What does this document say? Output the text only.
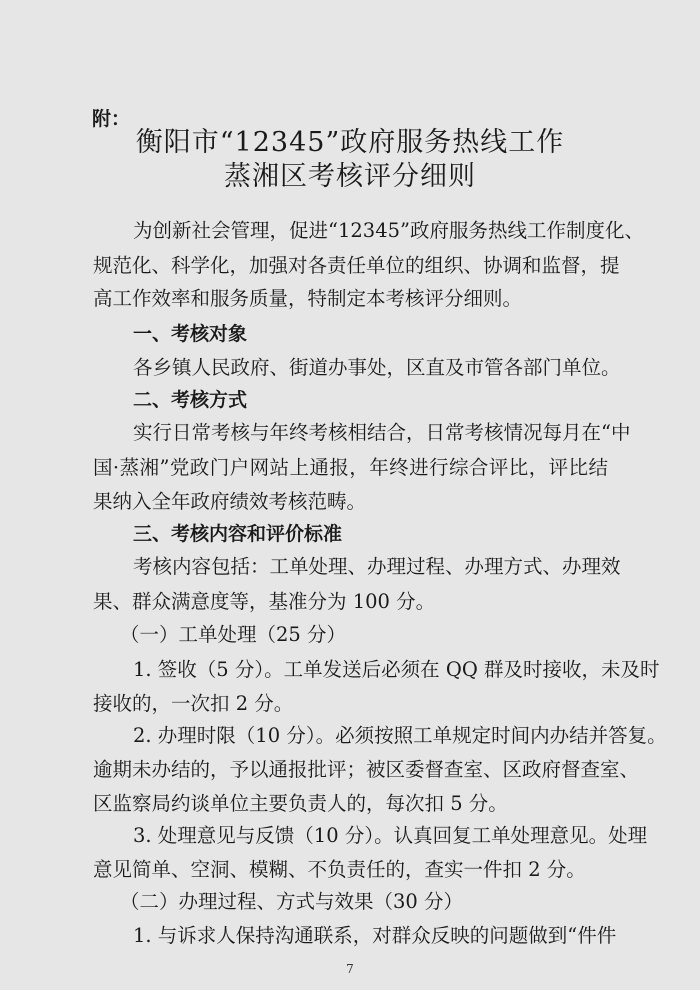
附：
衡阳市“12345”政府服务热线工作
蒸湘区考核评分细则
为创新社会管理，促进“12345”政府服务热线工作制度化、
规范化、科学化，加强对各责任单位的组织、协调和监督，提
高工作效率和服务质量，特制定本考核评分细则。
一、考核对象
各乡镇人民政府、街道办事处，区直及市管各部门单位。
二、考核方式
实行日常考核与年终考核相结合，日常考核情况每月在“中
国·蒸湘”党政门户网站上通报，年终进行综合评比，评比结
果纳入全年政府绩效考核范畴。
三、考核内容和评价标准
考核内容包括：工单处理、办理过程、办理方式、办理效
果、群众满意度等，基准分为 100 分。
（一）工单处理（25 分）
1. 签收（5 分）。工单发送后必须在 QQ 群及时接收，未及时
接收的，一次扣 2 分。
2. 办理时限（10 分）。必须按照工单规定时间内办结并答复。
逾期未办结的，予以通报批评；被区委督查室、区政府督查室、
区监察局约谈单位主要负责人的，每次扣 5 分。
3. 处理意见与反馈（10 分）。认真回复工单处理意见。处理
意见简单、空洞、模糊、不负责任的，查实一件扣 2 分。
（二）办理过程、方式与效果（30 分）
1. 与诉求人保持沟通联系，对群众反映的问题做到“件件
7
